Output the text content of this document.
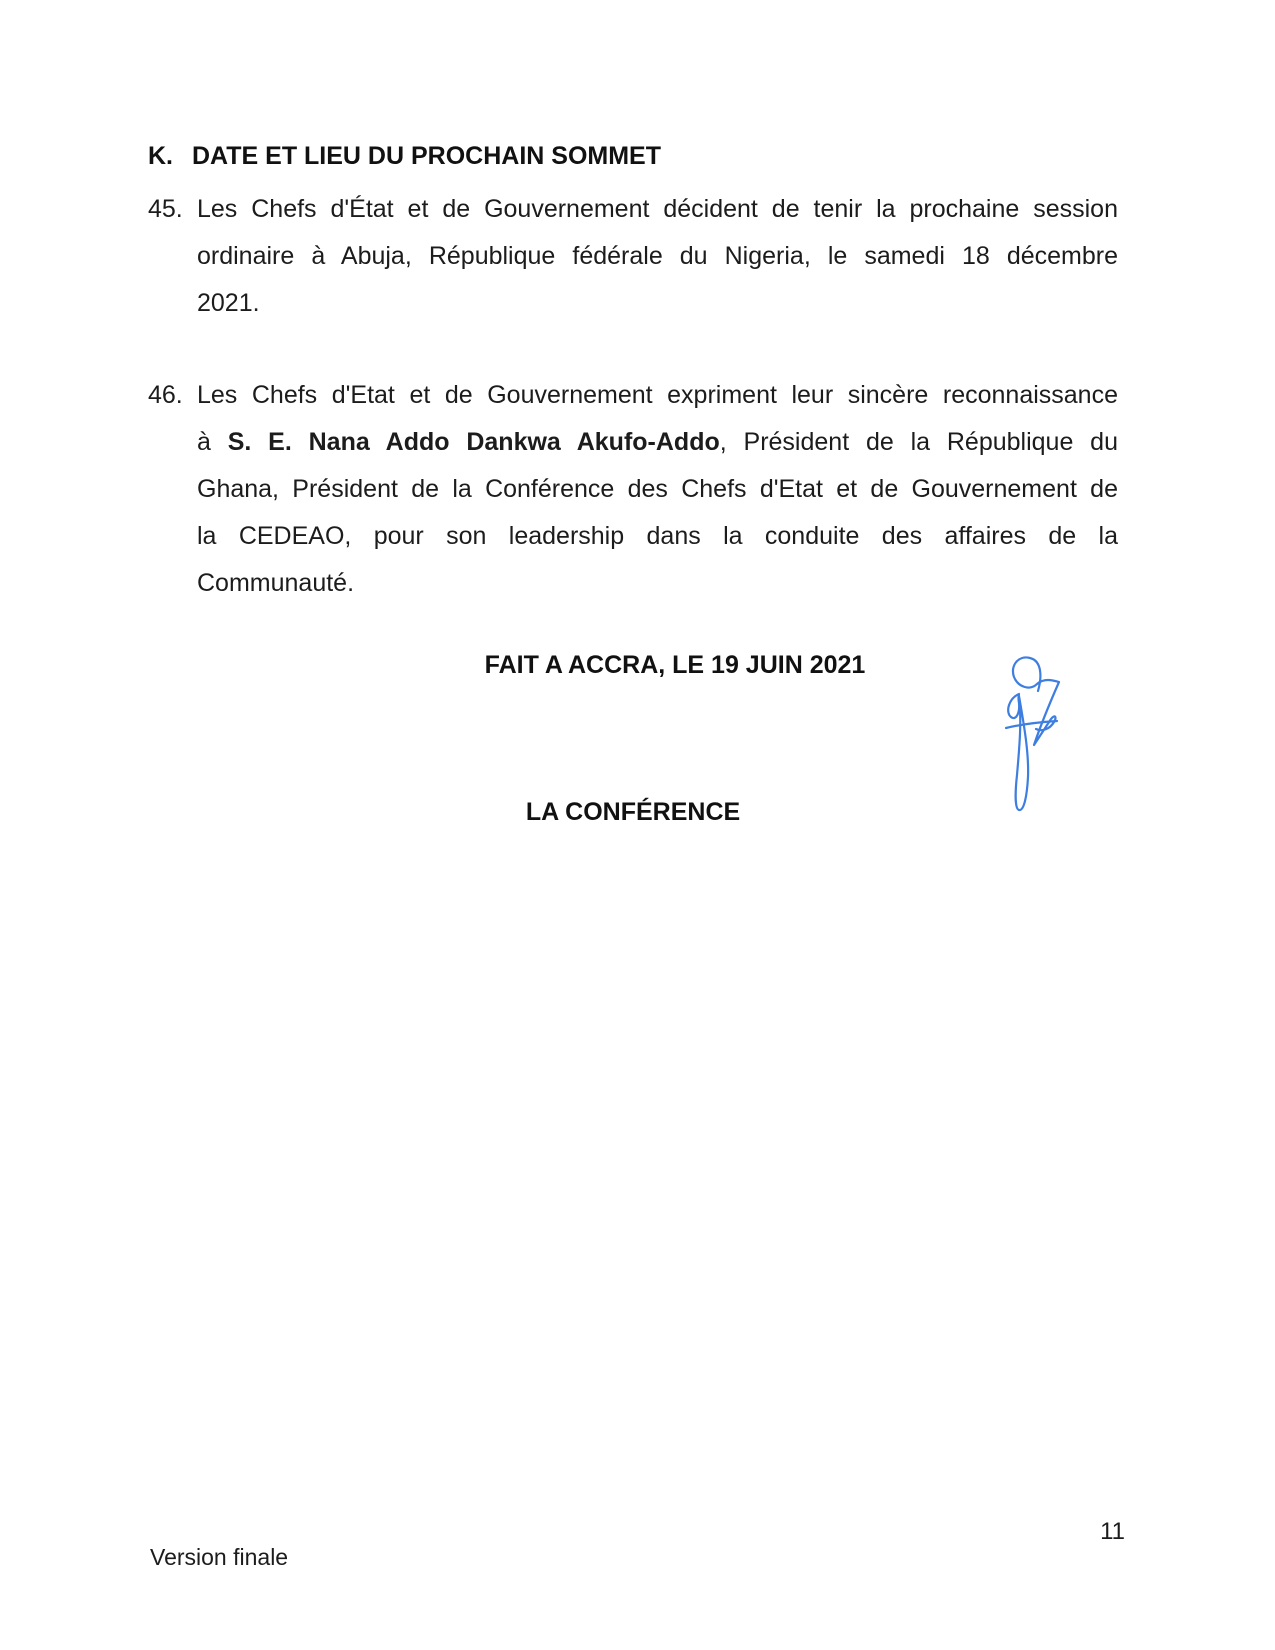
K. DATE ET LIEU DU PROCHAIN SOMMET
45. Les Chefs d'État et de Gouvernement décident de tenir la prochaine session
ordinaire à Abuja, République fédérale du Nigeria, le samedi 18 décembre
2021.
46. Les Chefs d'Etat et de Gouvernement expriment leur sincère reconnaissance
à S. E. Nana Addo Dankwa Akufo-Addo, Président de la République du
Ghana, Président de la Conférence des Chefs d'Etat et de Gouvernement de
la CEDEAO, pour son leadership dans la conduite des affaires de la
Communauté.
FAIT A ACCRA, LE 19 JUIN 2021
LA CONFÉRENCE
11
Version finale
